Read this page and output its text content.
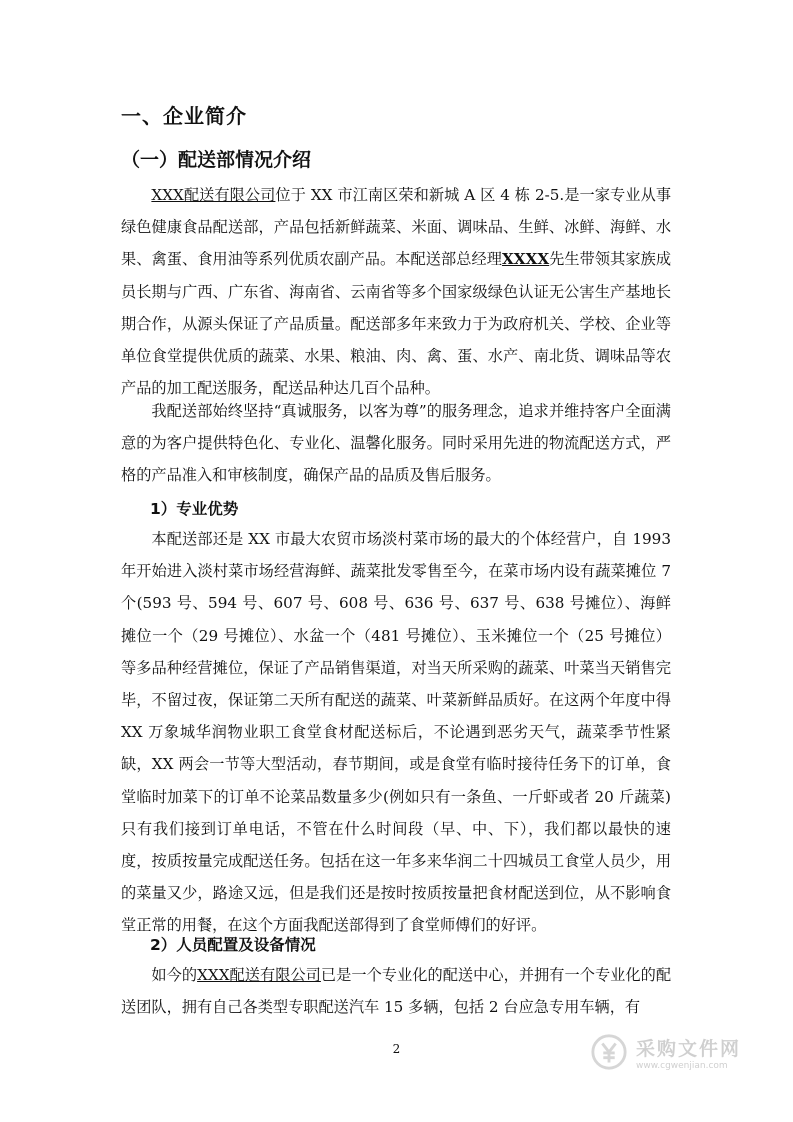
一、企业简介
（一）配送部情况介绍

XXX配送有限公司位于 XX 市江南区荣和新城 A 区 4 栋 2-5.是一家专业从事绿色健康食品配送部，产品包括新鲜蔬菜、米面、调味品、生鲜、冰鲜、海鲜、水果、禽蛋、食用油等系列优质农副产品。本配送部总经理XXXX先生带领其家族成员长期与广西、广东省、海南省、云南省等多个国家级绿色认证无公害生产基地长期合作，从源头保证了产品质量。配送部多年来致力于为政府机关、学校、企业等单位食堂提供优质的蔬菜、水果、粮油、肉、禽、蛋、水产、南北货、调味品等农产品的加工配送服务，配送品种达几百个品种。

我配送部始终坚持“真诚服务，以客为尊”的服务理念，追求并维持客户全面满意的为客户提供特色化、专业化、温馨化服务。同时采用先进的物流配送方式，严格的产品准入和审核制度，确保产品的品质及售后服务。

1）专业优势

本配送部还是 XX 市最大农贸市场淡村菜市场的最大的个体经营户，自 1993 年开始进入淡村菜市场经营海鲜、蔬菜批发零售至今，在菜市场内设有蔬菜摊位 7 个(593 号、594 号、607 号、608 号、636 号、637 号、638 号摊位）、海鲜摊位一个（29 号摊位）、水盆一个（481 号摊位）、玉米摊位一个（25 号摊位）等多品种经营摊位，保证了产品销售渠道，对当天所采购的蔬菜、叶菜当天销售完毕，不留过夜，保证第二天所有配送的蔬菜、叶菜新鲜品质好。在这两个年度中得 XX 万象城华润物业职工食堂食材配送标后，不论遇到恶劣天气，蔬菜季节性紧缺，XX 两会一节等大型活动，春节期间，或是食堂有临时接待任务下的订单，食堂临时加菜下的订单不论菜品数量多少(例如只有一条鱼、一斤虾或者 20 斤蔬菜)只有我们接到订单电话，不管在什么时间段（早、中、下），我们都以最快的速度，按质按量完成配送任务。包括在这一年多来华润二十四城员工食堂人员少，用的菜量又少，路途又远，但是我们还是按时按质按量把食材配送到位，从不影响食堂正常的用餐，在这个方面我配送部得到了食堂师傅们的好评。

2）人员配置及设备情况

如今的XXX配送有限公司已是一个专业化的配送中心，并拥有一个专业化的配送团队，拥有自己各类型专职配送汽车 15 多辆，包括 2 台应急专用车辆，有

2	采购文件网
www.cgwenjian.com
